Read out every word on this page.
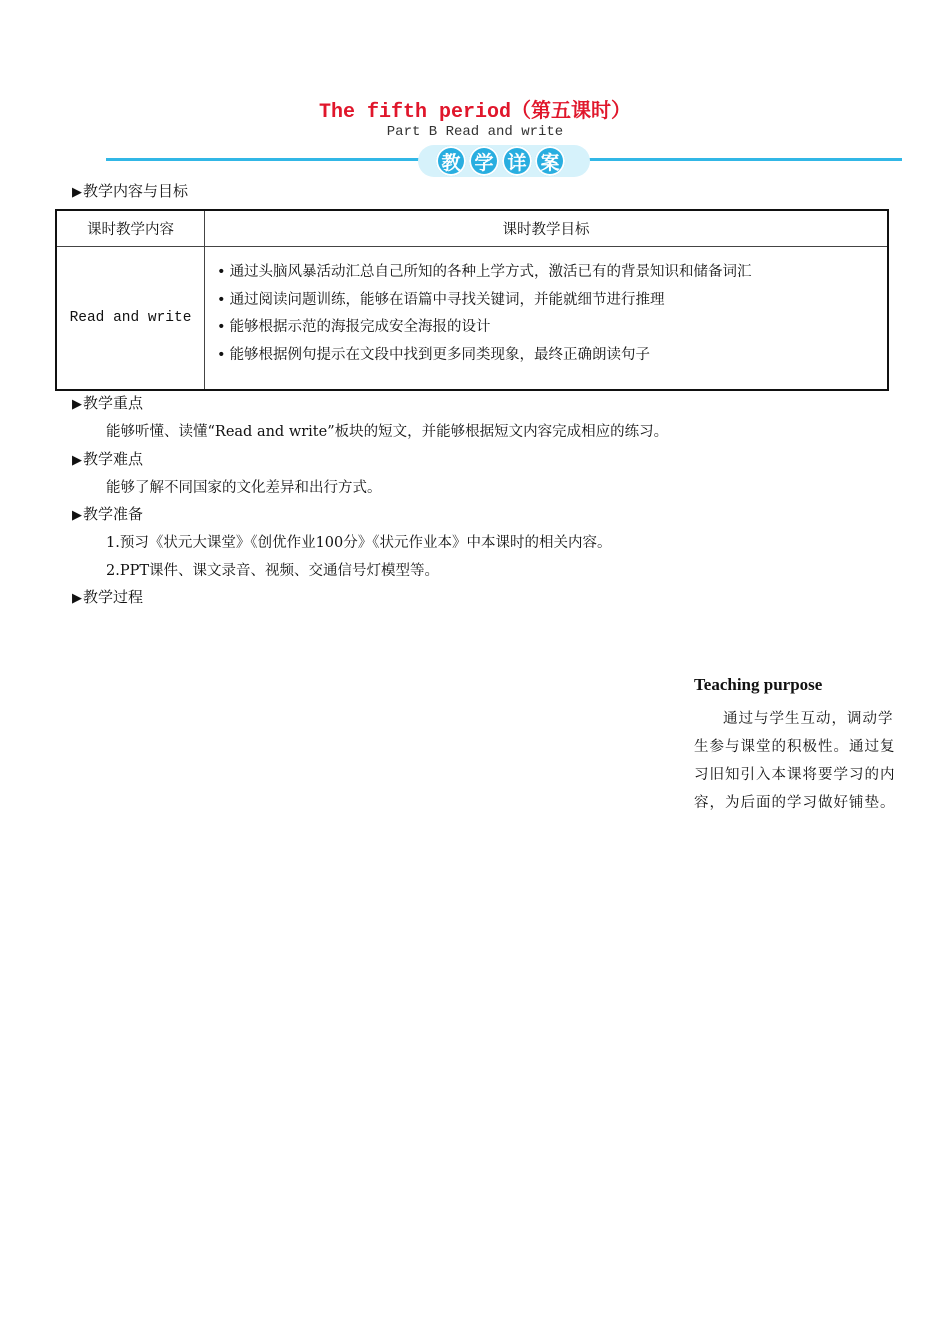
The fifth period（第五课时）
Part B Read and write
教 学 详 案
▶教学内容与目标
课时教学内容	课时教学目标
Read and write	• 通过头脑风暴活动汇总自己所知的各种上学方式，激活已有的背景知识和储备词汇
• 通过阅读问题训练，能够在语篇中寻找关键词，并能就细节进行推理
• 能够根据示范的海报完成安全海报的设计
• 能够根据例句提示在文段中找到更多同类现象，最终正确朗读句子
▶教学重点
能够听懂、读懂“Read and write”板块的短文，并能够根据短文内容完成相应的练习。
▶教学难点
能够了解不同国家的文化差异和出行方式。
▶教学准备
1.预习《状元大课堂》《创优作业100分》《状元作业本》中本课时的相关内容。
2.PPT课件、课文录音、视频、交通信号灯模型等。
▶教学过程
Teaching purpose
通过与学生互动，调动学生参与课堂的积极性。通过复习旧知引入本课将要学习的内容，为后面的学习做好铺垫。
